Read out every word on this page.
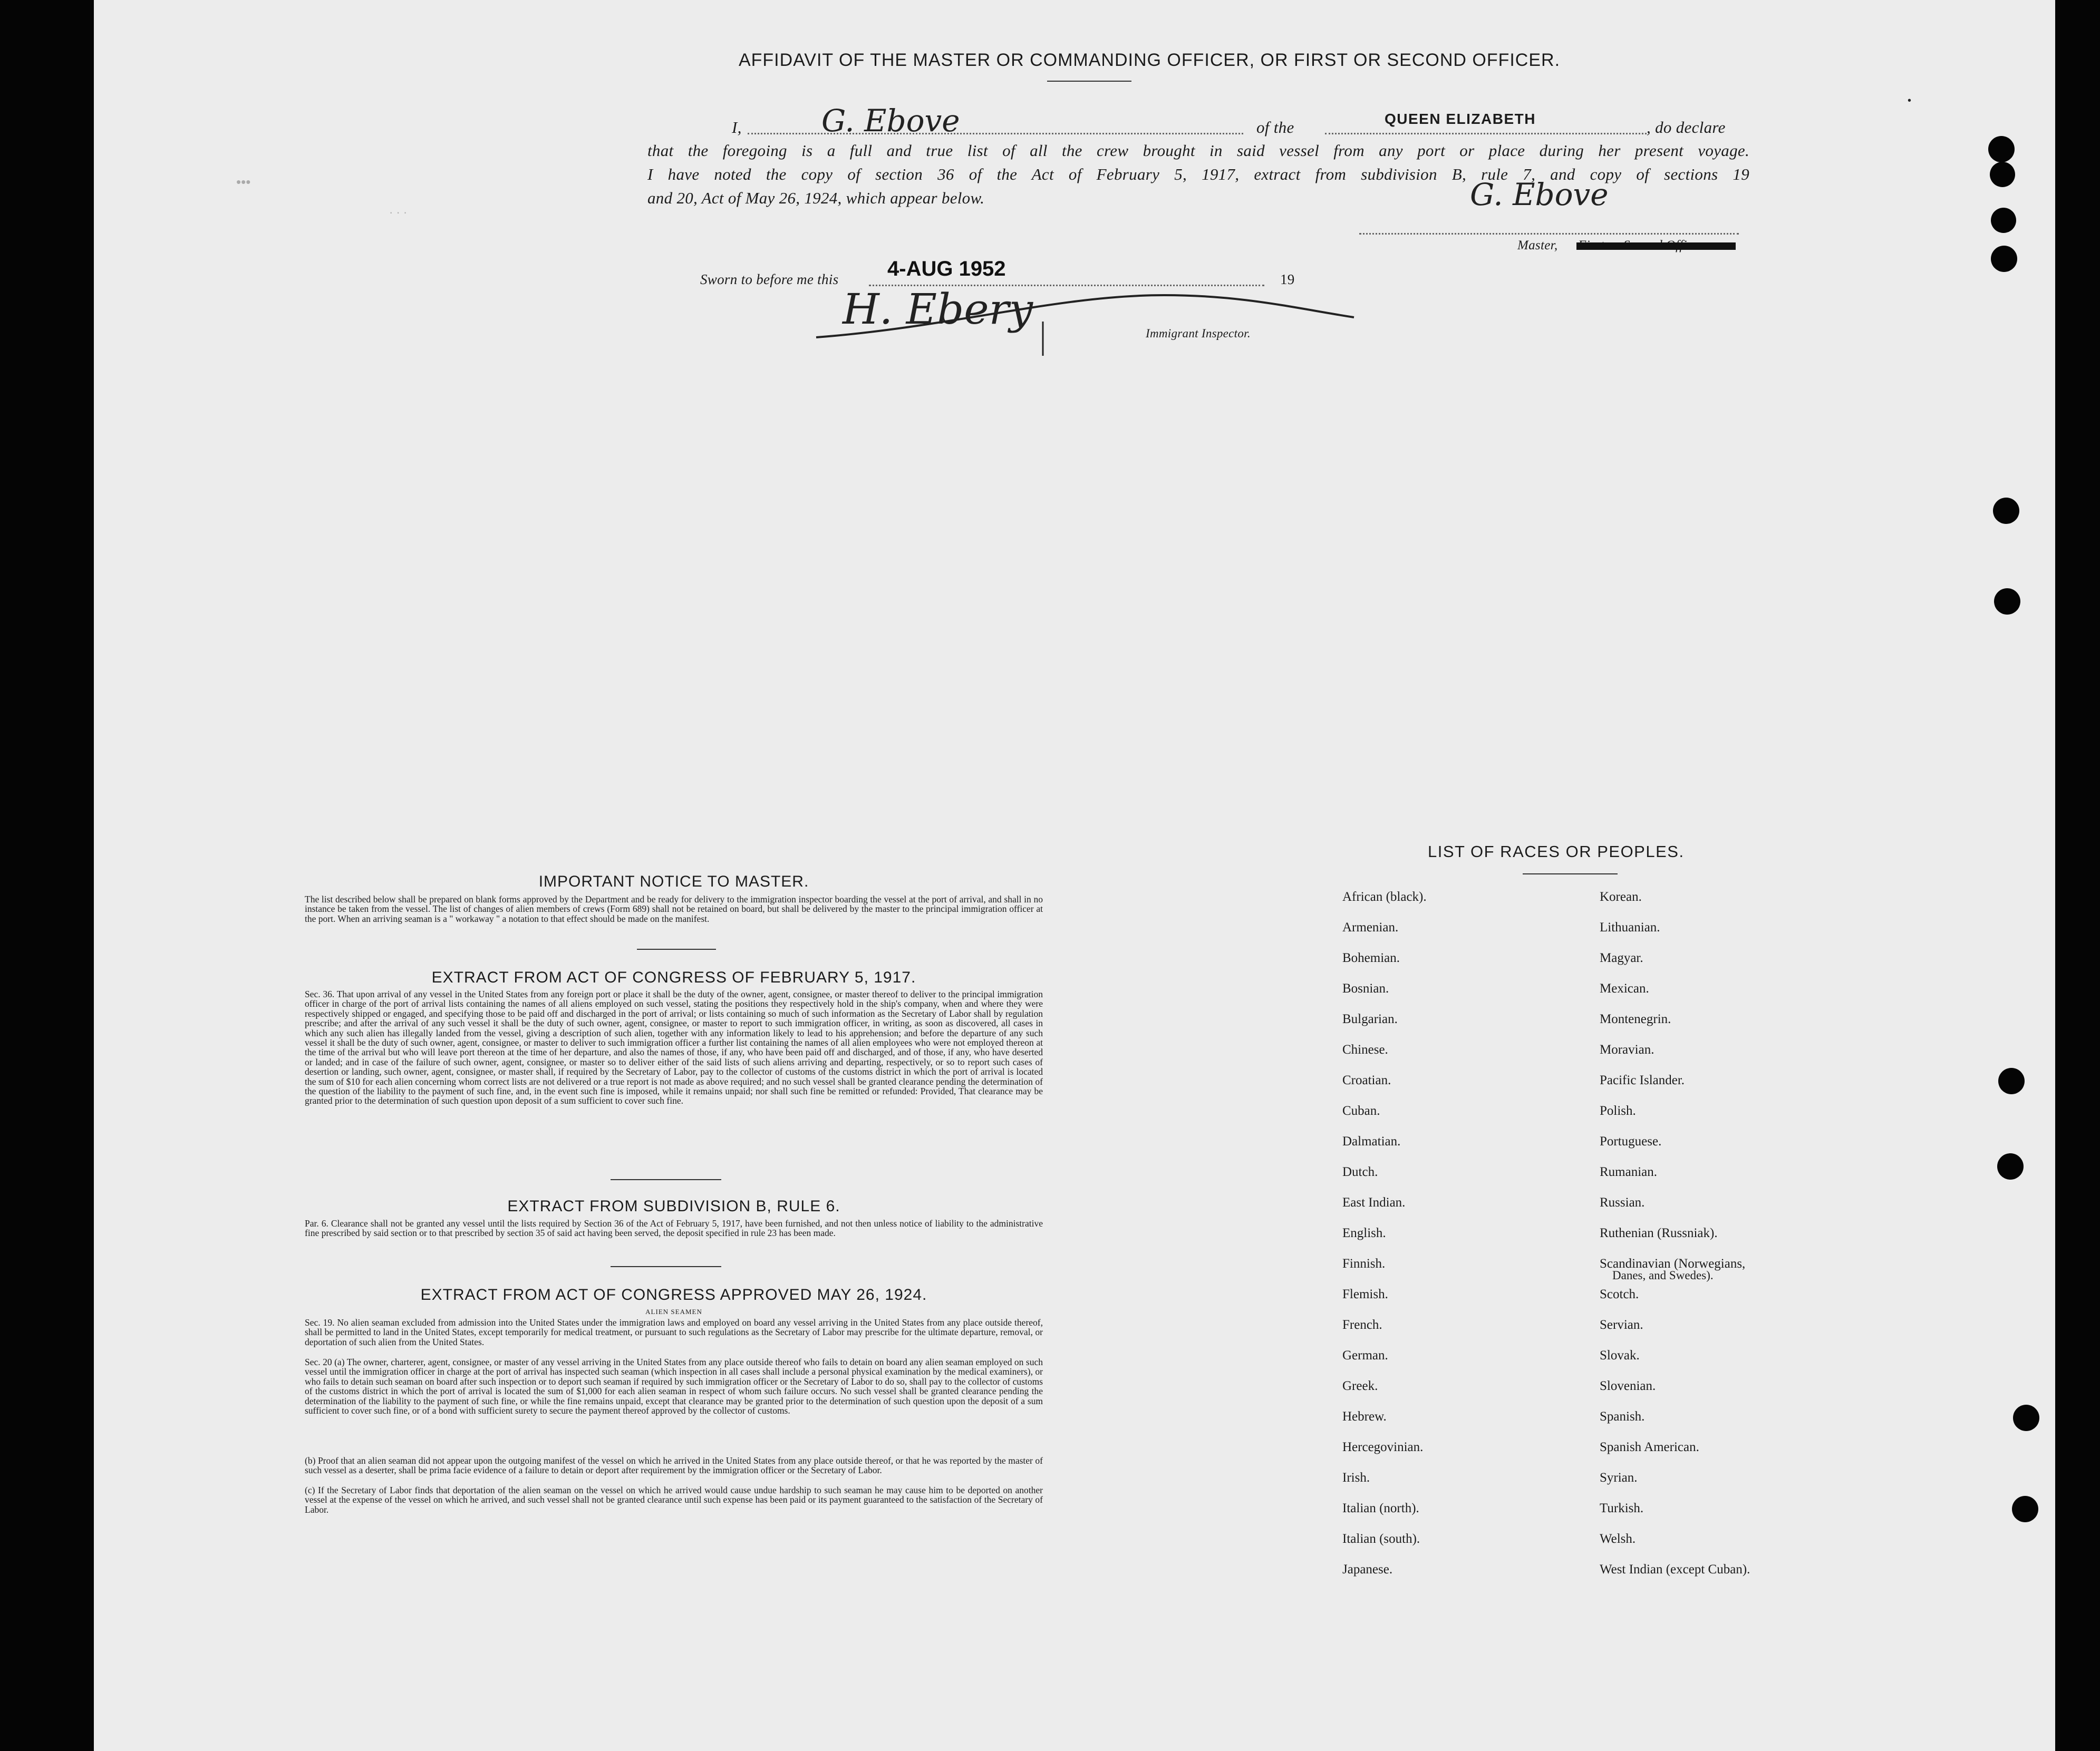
•••
· · ·
AFFIDAVIT OF THE MASTER OR COMMANDING OFFICER, OR FIRST OR SECOND OFFICER.
I,	G. Ebove	of the	QUEEN ELIZABETH	, do declare
that the foregoing is a full and true list of all the crew brought in said vessel from any port or place during her present voyage.
I have noted the copy of section 36 of the Act of February 5, 1917, extract from subdivision B, rule 7, and copy of sections 19
and 20, Act of May 26, 1924, which appear below.	G. Ebove
Master,
Sworn to before me this 4-AUG 1952	19
H. Ebery	Immigrant Inspector.
IMPORTANT NOTICE TO MASTER.
The list described below shall be prepared on blank forms approved by the Department and be ready for delivery to the immigration inspector boarding the vessel at the port of arrival, and shall in no instance be taken from the vessel. The list of changes of alien members of crews (Form 689) shall not be retained on board, but shall be delivered by the master to the principal immigration officer at the port. When an arriving seaman is a " workaway " a notation to that effect should be made on the manifest.
EXTRACT FROM ACT OF CONGRESS OF FEBRUARY 5, 1917.
Sec. 36. That upon arrival of any vessel in the United States from any foreign port or place it shall be the duty of the owner, agent, consignee, or master thereof to deliver to the principal immigration officer in charge of the port of arrival lists containing the names of all aliens employed on such vessel, stating the positions they respectively hold in the ship's company, when and where they were respectively shipped or engaged, and specifying those to be paid off and discharged in the port of arrival; or lists containing so much of such information as the Secretary of Labor shall by regulation prescribe; and after the arrival of any such vessel it shall be the duty of such owner, agent, consignee, or master to report to such immigration officer, in writing, as soon as discovered, all cases in which any such alien has illegally landed from the vessel, giving a description of such alien, together with any information likely to lead to his apprehension; and before the departure of any such vessel it shall be the duty of such owner, agent, consignee, or master to deliver to such immigration officer a further list containing the names of all alien employees who were not employed thereon at the time of the arrival but who will leave port thereon at the time of her departure, and also the names of those, if any, who have been paid off and discharged, and of those, if any, who have deserted or landed; and in case of the failure of such owner, agent, consignee, or master so to deliver either of the said lists of such aliens arriving and departing, respectively, or so to report such cases of desertion or landing, such owner, agent, consignee, or master shall, if required by the Secretary of Labor, pay to the collector of customs of the customs district in which the port of arrival is located the sum of $10 for each alien concerning whom correct lists are not delivered or a true report is not made as above required; and no such vessel shall be granted clearance pending the determination of the question of the liability to the payment of such fine, and, in the event such fine is imposed, while it remains unpaid; nor shall such fine be remitted or refunded: Provided, That clearance may be granted prior to the determination of such question upon deposit of a sum sufficient to cover such fine.
EXTRACT FROM SUBDIVISION B, RULE 6.
Par. 6. Clearance shall not be granted any vessel until the lists required by Section 36 of the Act of February 5, 1917, have been furnished, and not then unless notice of liability to the administrative fine prescribed by said section or to that prescribed by section 35 of said act having been served, the deposit specified in rule 23 has been made.
EXTRACT FROM ACT OF CONGRESS APPROVED MAY 26, 1924.
ALIEN SEAMEN
Sec. 19. No alien seaman excluded from admission into the United States under the immigration laws and employed on board any vessel arriving in the United States from any place outside thereof, shall be permitted to land in the United States, except temporarily for medical treatment, or pursuant to such regulations as the Secretary of Labor may prescribe for the ultimate departure, removal, or deportation of such alien from the United States.
Sec. 20 (a) The owner, charterer, agent, consignee, or master of any vessel arriving in the United States from any place outside thereof who fails to detain on board any alien seaman employed on such vessel until the immigration officer in charge at the port of arrival has inspected such seaman (which inspection in all cases shall include a personal physical examination by the medical examiners), or who fails to detain such seaman on board after such inspection or to deport such seaman if required by such immigration officer or the Secretary of Labor to do so, shall pay to the collector of customs of the customs district in which the port of arrival is located the sum of $1,000 for each alien seaman in respect of whom such failure occurs. No such vessel shall be granted clearance pending the determination of the liability to the payment of such fine, or while the fine remains unpaid, except that clearance may be granted prior to the determination of such question upon the deposit of a sum sufficient to cover such fine, or of a bond with sufficient surety to secure the payment thereof approved by the collector of customs.
(b) Proof that an alien seaman did not appear upon the outgoing manifest of the vessel on which he arrived in the United States from any place outside thereof, or that he was reported by the master of such vessel as a deserter, shall be prima facie evidence of a failure to detain or deport after requirement by the immigration officer or the Secretary of Labor.
(c) If the Secretary of Labor finds that deportation of the alien seaman on the vessel on which he arrived would cause undue hardship to such seaman he may cause him to be deported on another vessel at the expense of the vessel on which he arrived, and such vessel shall not be granted clearance until such expense has been paid or its payment guaranteed to the satisfaction of the Secretary of Labor.
LIST OF RACES OR PEOPLES.
African (black).
Armenian.
Bohemian.
Bosnian.
Bulgarian.
Chinese.
Croatian.
Cuban.
Dalmatian.
Dutch.
East Indian.
English.
Finnish.
Flemish.
French.
German.
Greek.
Hebrew.
Hercegovinian.
Irish.
Italian (north).
Italian (south).
Japanese.
Korean.
Lithuanian.
Magyar.
Mexican.
Montenegrin.
Moravian.
Pacific Islander.
Polish.
Portuguese.
Rumanian.
Russian.
Ruthenian (Russniak).
Scandinavian (Norwegians,
Scotch.
Servian.
Slovak.
Slovenian.
Spanish.
Spanish American.
Syrian.
Turkish.
Welsh.
West Indian (except Cuban).
Danes, and Swedes).
•
